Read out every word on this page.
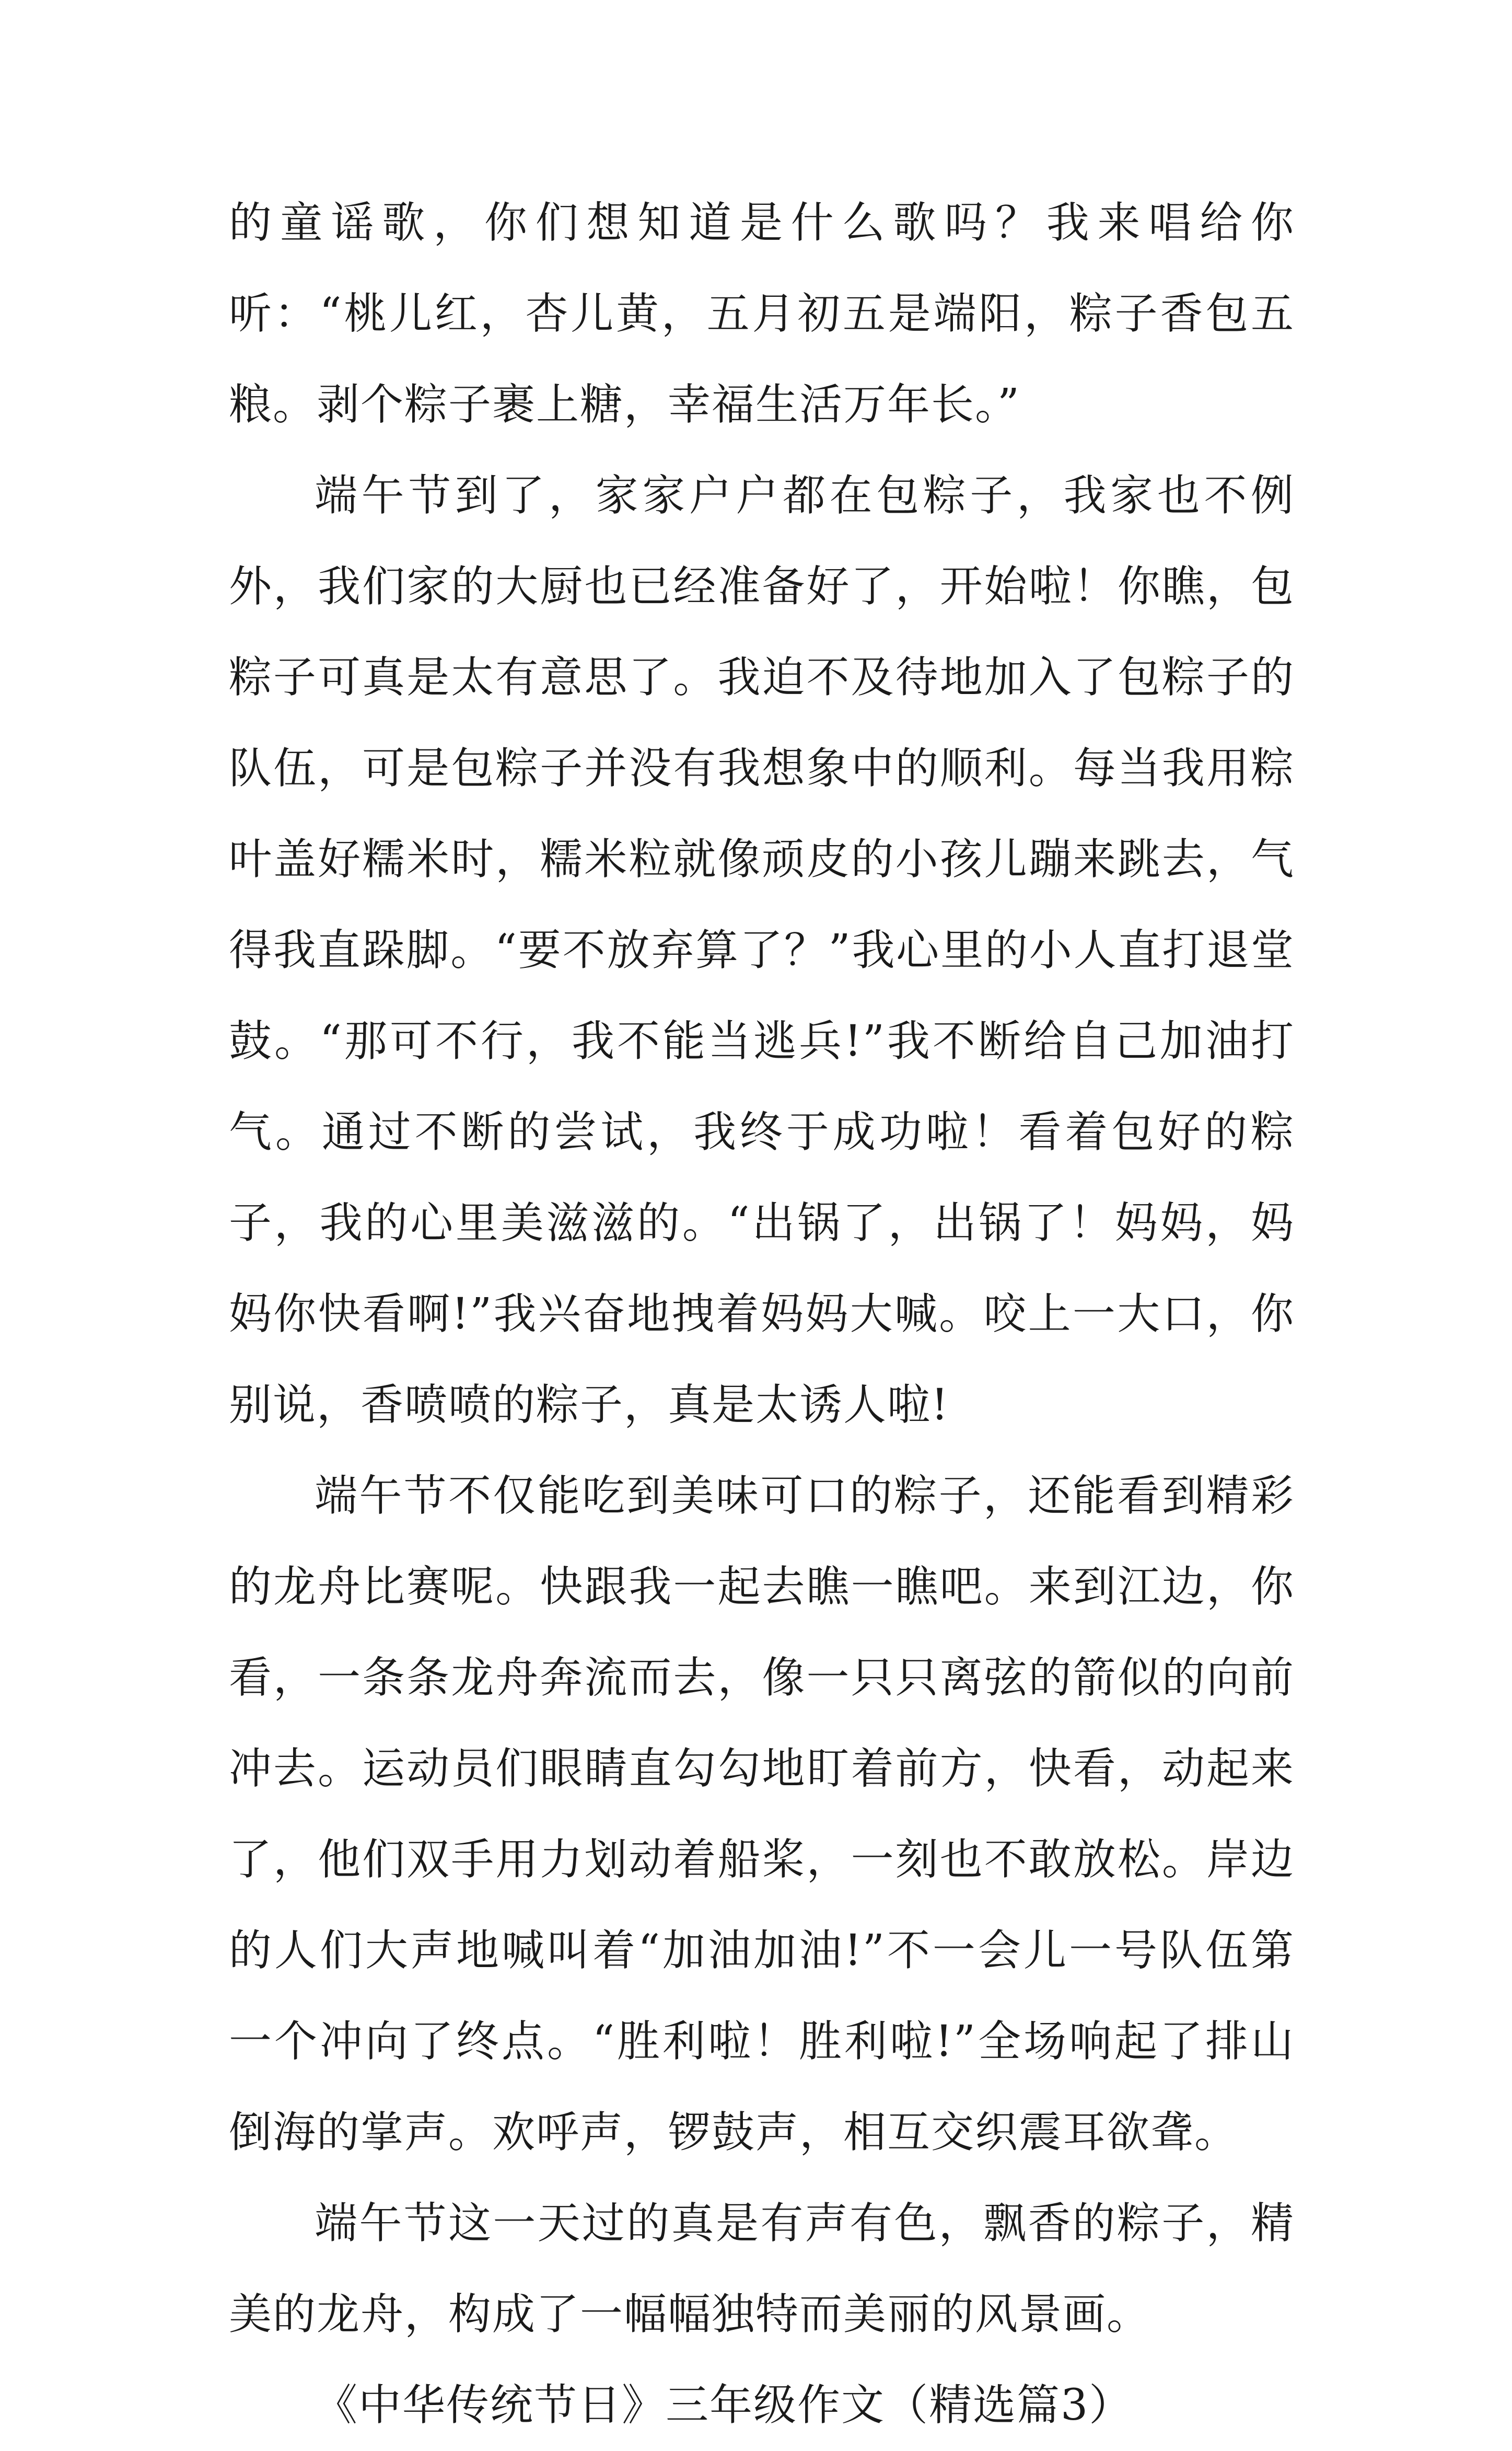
的童谣歌，你们想知道是什么歌吗？我来唱给你听：“桃儿红，杏儿黄，五月初五是端阳，粽子香包五粮。剥个粽子裹上糖，幸福生活万年长。”

端午节到了，家家户户都在包粽子，我家也不例外，我们家的大厨也已经准备好了，开始啦！你瞧，包粽子可真是太有意思了。我迫不及待地加入了包粽子的队伍，可是包粽子并没有我想象中的顺利。每当我用粽叶盖好糯米时，糯米粒就像顽皮的小孩儿蹦来跳去，气得我直跺脚。“要不放弃算了？”我心里的小人直打退堂鼓。“那可不行，我不能当逃兵!”我不断给自己加油打气。通过不断的尝试，我终于成功啦！看着包好的粽子，我的心里美滋滋的。“出锅了，出锅了！妈妈，妈妈你快看啊!”我兴奋地拽着妈妈大喊。咬上一大口，你别说，香喷喷的粽子，真是太诱人啦!

端午节不仅能吃到美味可口的粽子，还能看到精彩的龙舟比赛呢。快跟我一起去瞧一瞧吧。来到江边，你看，一条条龙舟奔流而去，像一只只离弦的箭似的向前冲去。运动员们眼睛直勾勾地盯着前方，快看，动起来了，他们双手用力划动着船桨，一刻也不敢放松。岸边的人们大声地喊叫着“加油加油!”不一会儿一号队伍第一个冲向了终点。“胜利啦！胜利啦!”全场响起了排山倒海的掌声。欢呼声，锣鼓声，相互交织震耳欲聋。

端午节这一天过的真是有声有色，飘香的粽子，精美的龙舟，构成了一幅幅独特而美丽的风景画。

《中华传统节日》三年级作文（精选篇3）
